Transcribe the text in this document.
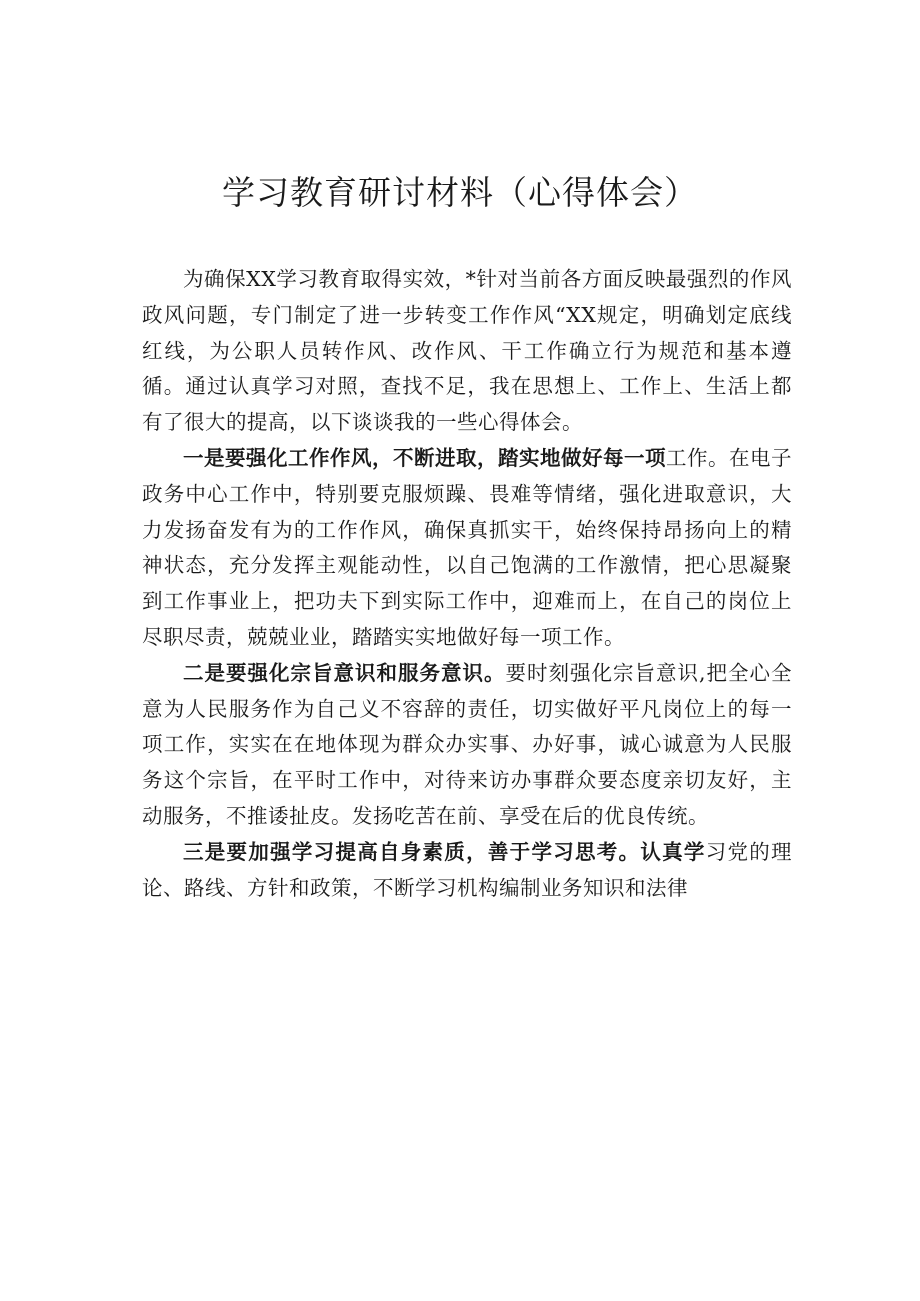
学习教育研讨材料（心得体会）

为确保XX学习教育取得实效，*针对当前各方面反映最强烈的作风政风问题，专门制定了进一步转变工作作风“XX规定，明确划定底线红线，为公职人员转作风、改作风、干工作确立行为规范和基本遵循。通过认真学习对照，查找不足，我在思想上、工作上、生活上都有了很大的提高，以下谈谈我的一些心得体会。

一是要强化工作作风，不断进取，踏实地做好每一项工作。在电子政务中心工作中，特别要克服烦躁、畏难等情绪，强化进取意识，大力发扬奋发有为的工作作风，确保真抓实干，始终保持昂扬向上的精神状态，充分发挥主观能动性，以自己饱满的工作激情，把心思凝聚到工作事业上，把功夫下到实际工作中，迎难而上，在自己的岗位上尽职尽责，兢兢业业，踏踏实实地做好每一项工作。

二是要强化宗旨意识和服务意识。要时刻强化宗旨意识,把全心全意为人民服务作为自己义不容辞的责任，切实做好平凡岗位上的每一项工作，实实在在地体现为群众办实事、办好事，诚心诚意为人民服务这个宗旨，在平时工作中，对待来访办事群众要态度亲切友好，主动服务，不推诿扯皮。发扬吃苦在前、享受在后的优良传统。

三是要加强学习提高自身素质，善于学习思考。认真学习党的理论、路线、方针和政策，不断学习机构编制业务知识和法律
